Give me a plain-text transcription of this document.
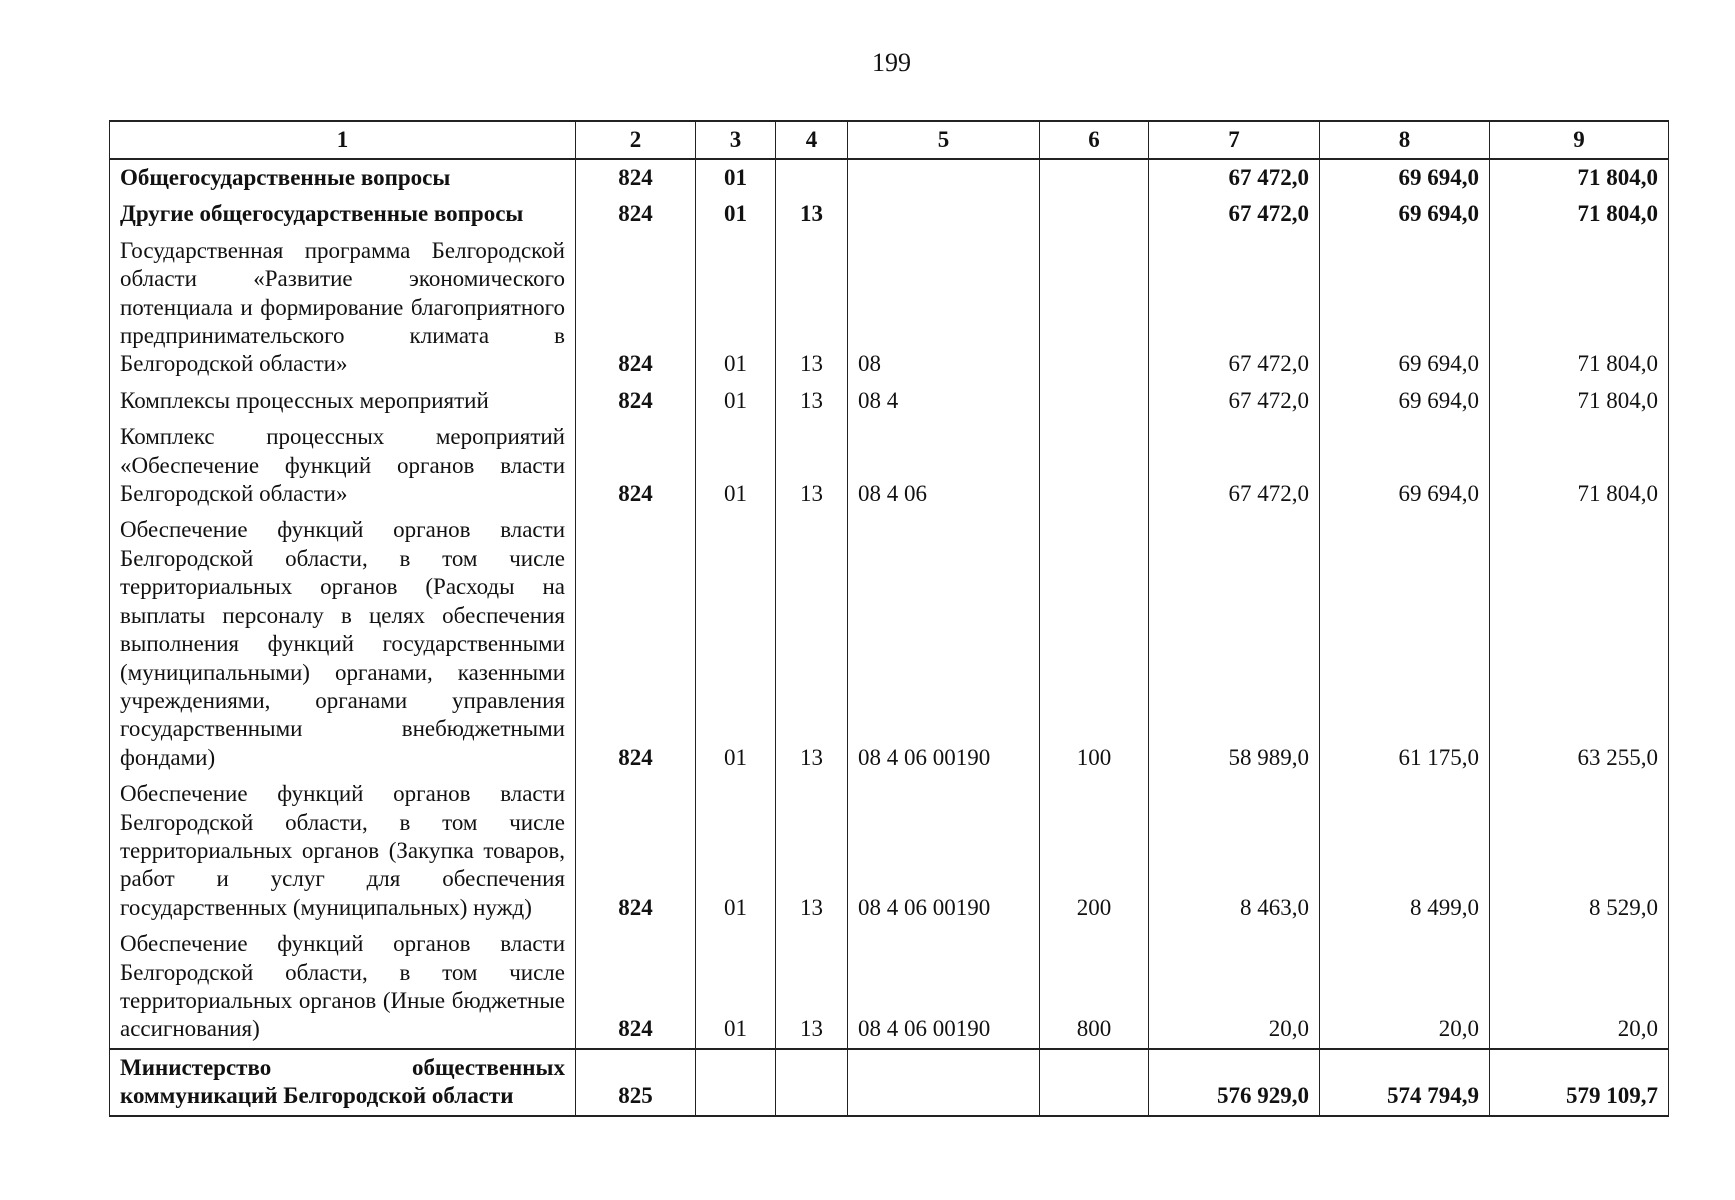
199
1	2	3	4	5	6	7	8	9
Общегосударственные вопросы	824	01				67 472,0	69 694,0	71 804,0
Другие общегосударственные вопросы	824	01	13			67 472,0	69 694,0	71 804,0
Государственная программа Белгородской области «Развитие экономического потенциала и формирование благоприятного предпринимательского климата в Белгородской области»	824	01	13	08		67 472,0	69 694,0	71 804,0
Комплексы процессных мероприятий	824	01	13	08 4		67 472,0	69 694,0	71 804,0
Комплекс процессных мероприятий «Обеспечение функций органов власти Белгородской области»	824	01	13	08 4 06		67 472,0	69 694,0	71 804,0
Обеспечение функций органов власти Белгородской области, в том числе территориальных органов (Расходы на выплаты персоналу в целях обеспечения выполнения функций государственными (муниципальными) органами, казенными учреждениями, органами управления государственными внебюджетными фондами)	824	01	13	08 4 06 00190	100	58 989,0	61 175,0	63 255,0
Обеспечение функций органов власти Белгородской области, в том числе территориальных органов (Закупка товаров, работ и услуг для обеспечения государственных (муниципальных) нужд)	824	01	13	08 4 06 00190	200	8 463,0	8 499,0	8 529,0
Обеспечение функций органов власти Белгородской области, в том числе территориальных органов (Иные бюджетные ассигнования)	824	01	13	08 4 06 00190	800	20,0	20,0	20,0
Министерство общественных коммуникаций Белгородской области	825					576 929,0	574 794,9	579 109,7
